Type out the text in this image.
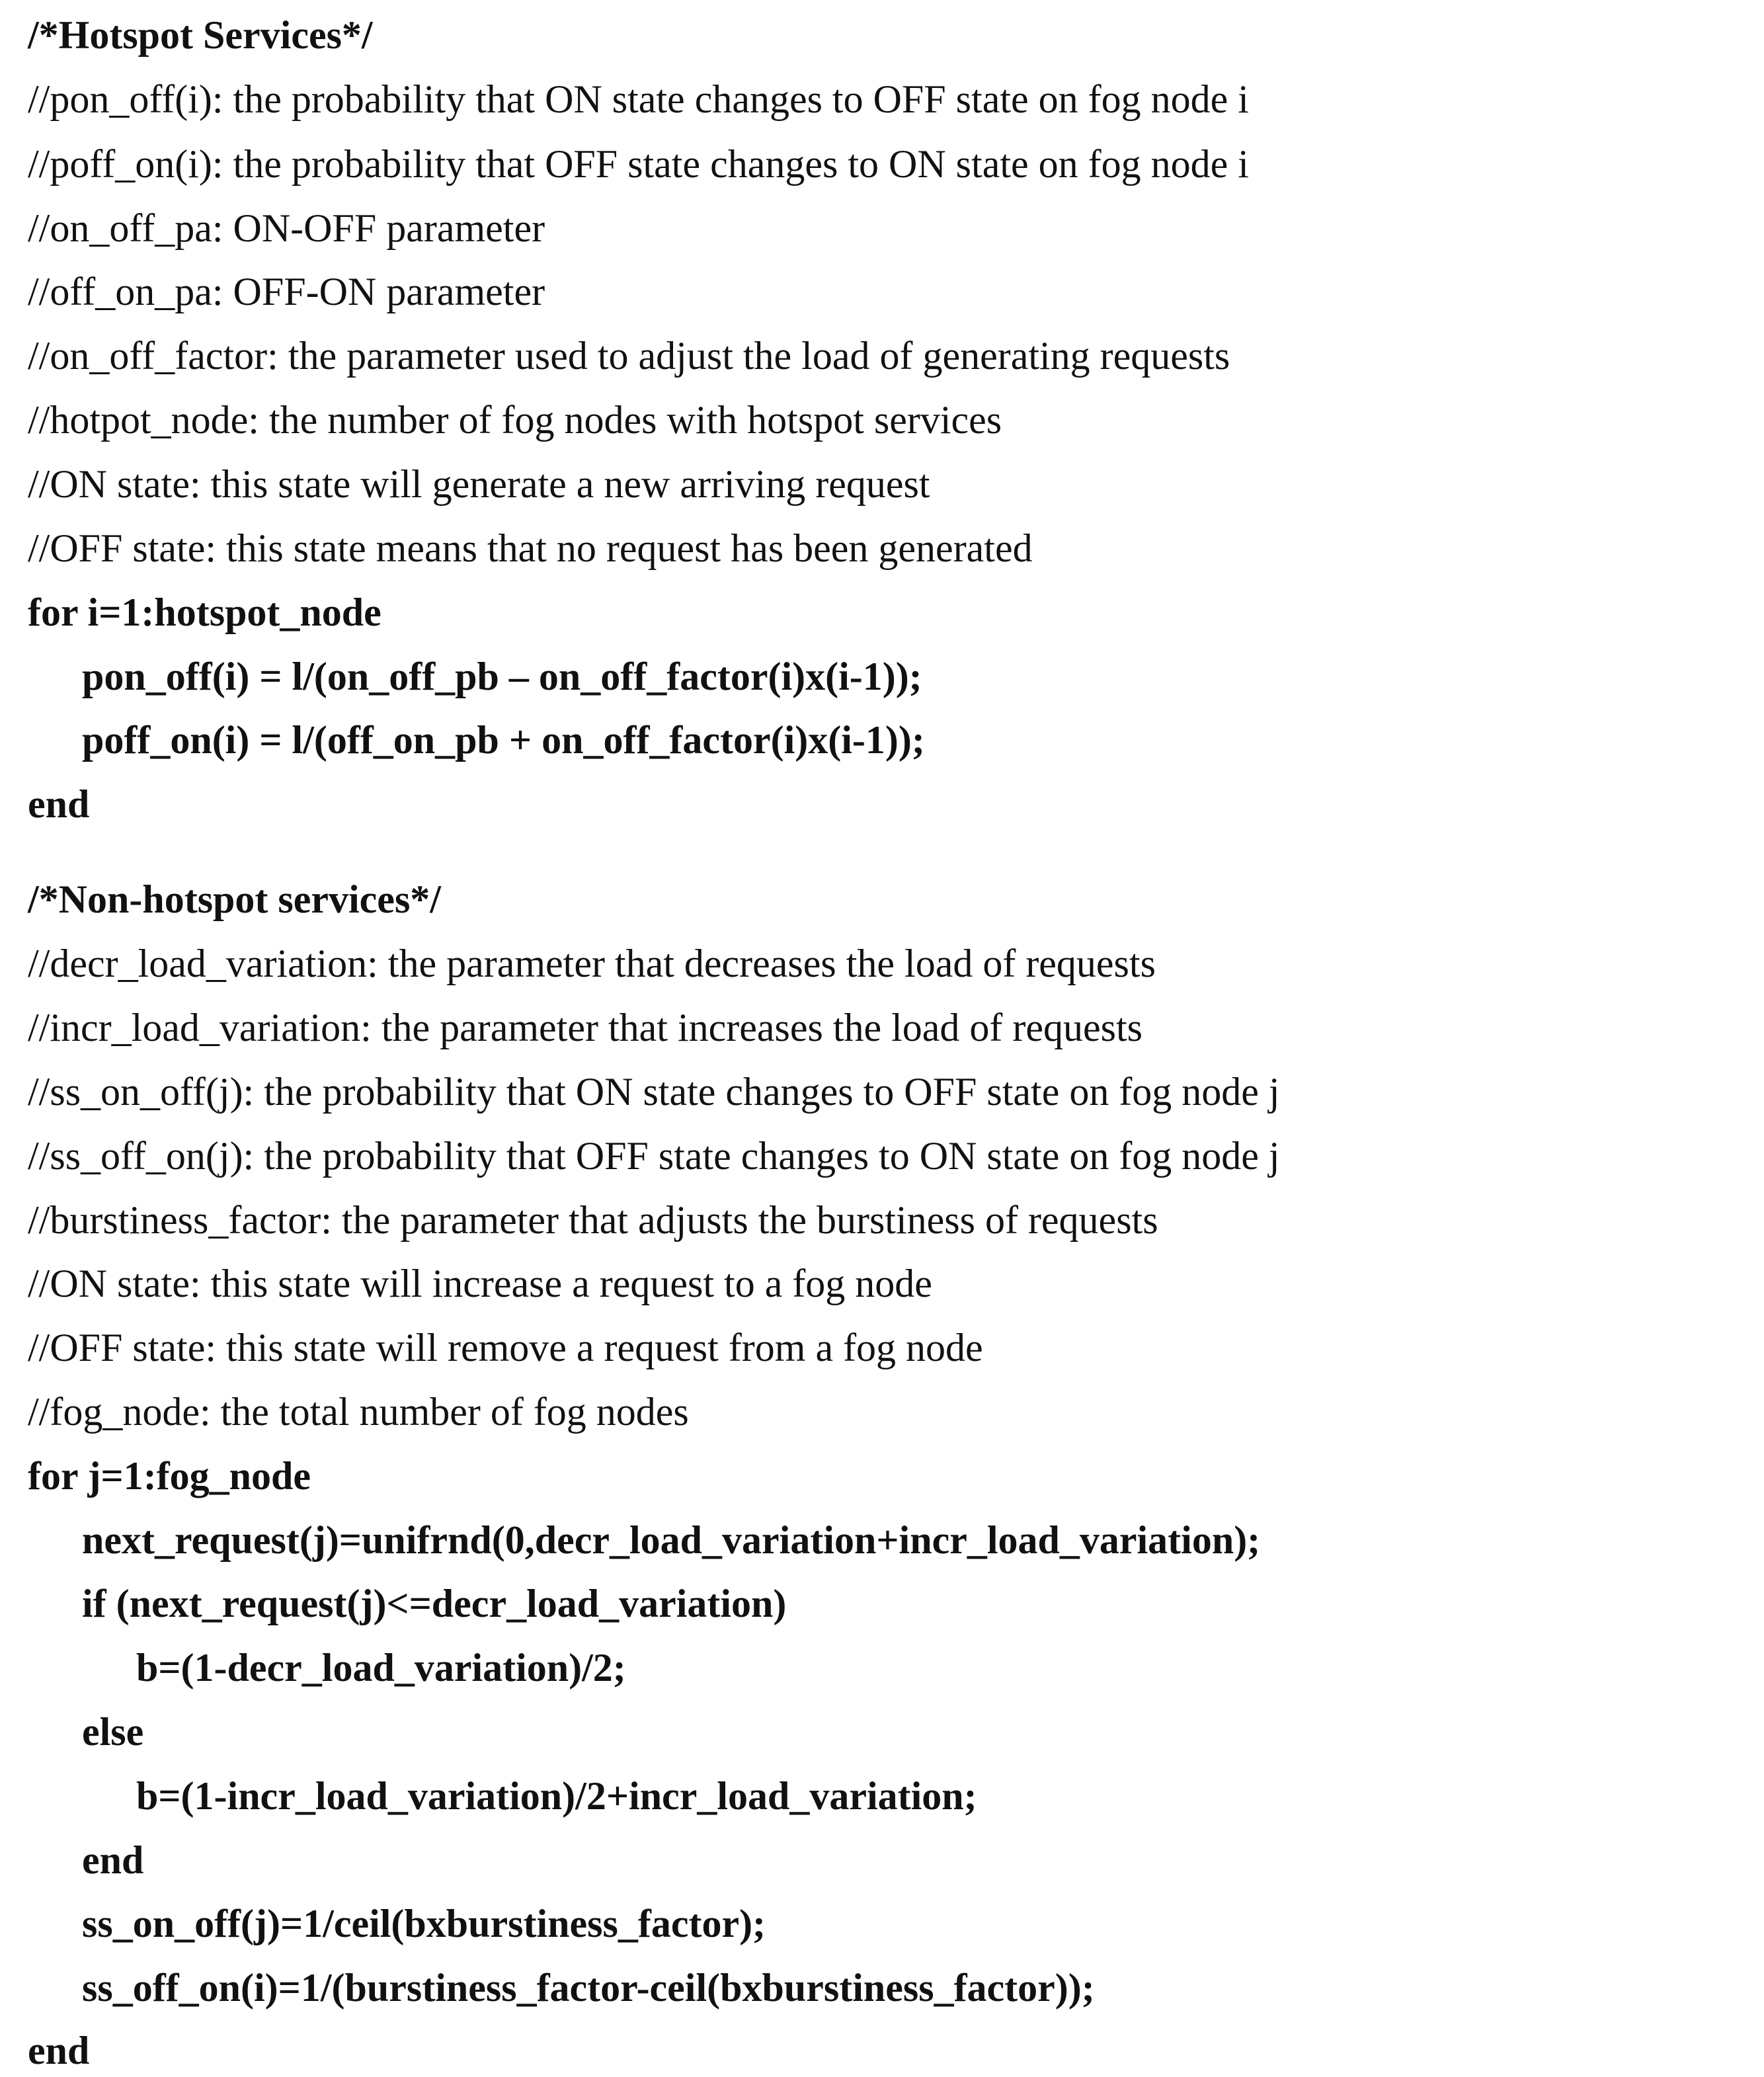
/*Hotspot Services*/
//pon_off(i): the probability that ON state changes to OFF state on fog node i
//poff_on(i): the probability that OFF state changes to ON state on fog node i
//on_off_pa: ON-OFF parameter
//off_on_pa: OFF-ON parameter
//on_off_factor: the parameter used to adjust the load of generating requests
//hotpot_node: the number of fog nodes with hotspot services
//ON state: this state will generate a new arriving request
//OFF state: this state means that no request has been generated
for i=1:hotspot_node
pon_off(i) = l/(on_off_pb – on_off_factor(i)x(i-1));
poff_on(i) = l/(off_on_pb + on_off_factor(i)x(i-1));
end
/*Non-hotspot services*/
//decr_load_variation: the parameter that decreases the load of requests
//incr_load_variation: the parameter that increases the load of requests
//ss_on_off(j): the probability that ON state changes to OFF state on fog node j
//ss_off_on(j): the probability that OFF state changes to ON state on fog node j
//burstiness_factor: the parameter that adjusts the burstiness of requests
//ON state: this state will increase a request to a fog node
//OFF state: this state will remove a request from a fog node
//fog_node: the total number of fog nodes
for j=1:fog_node
next_request(j)=unifrnd(0,decr_load_variation+incr_load_variation);
if (next_request(j)<=decr_load_variation)
b=(1-decr_load_variation)/2;
else
b=(1-incr_load_variation)/2+incr_load_variation;
end
ss_on_off(j)=1/ceil(bxburstiness_factor);
ss_off_on(i)=1/(burstiness_factor-ceil(bxburstiness_factor));
end
